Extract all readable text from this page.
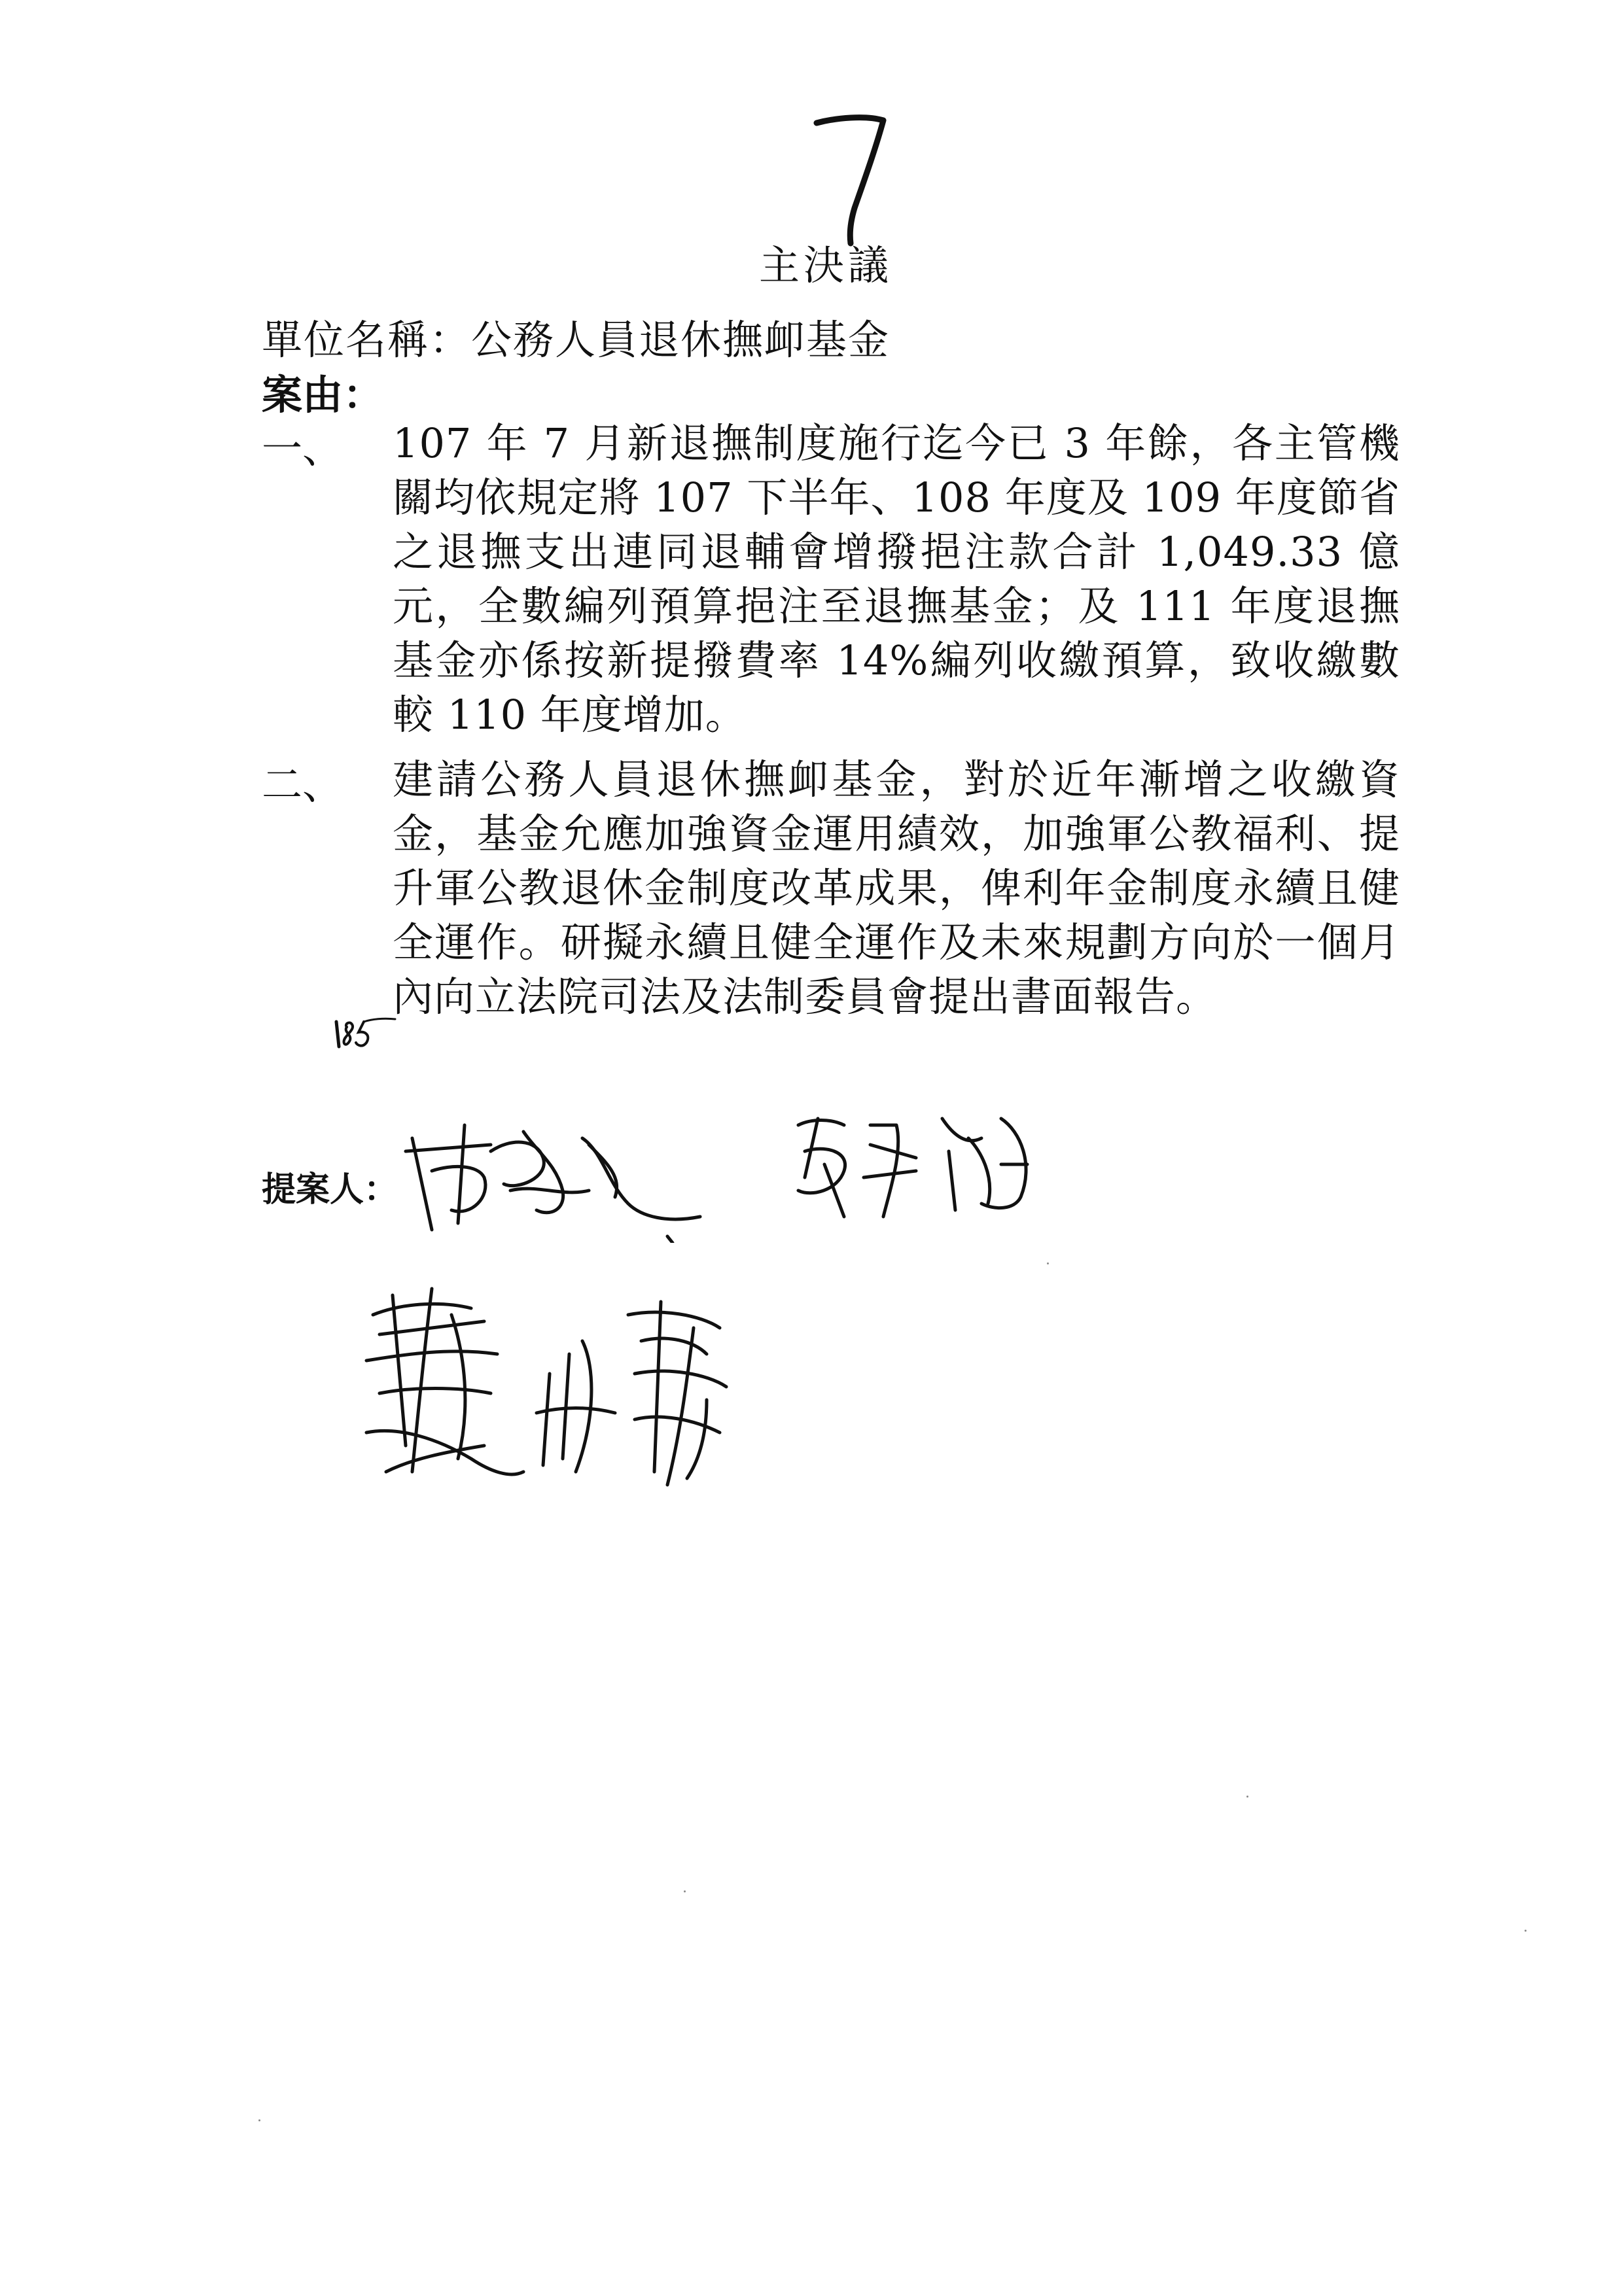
主決議
單位名稱：公務人員退休撫卹基金
案由：
一、 107 年 7 月新退撫制度施行迄今已 3 年餘，各主管機關均依規定將 107 下半年、108 年度及 109 年度節省之退撫支出連同退輔會增撥挹注款合計 1,049.33 億元，全數編列預算挹注至退撫基金；及 111 年度退撫基金亦係按新提撥費率 14%編列收繳預算，致收繳數較 110 年度增加。
二、 建請公務人員退休撫卹基金，對於近年漸增之收繳資金，基金允應加強資金運用績效，加強軍公教福利、提升軍公教退休金制度改革成果，俾利年金制度永續且健全運作。研擬永續且健全運作及未來規劃方向於一個月內向立法院司法及法制委員會提出書面報告。
提案人：
